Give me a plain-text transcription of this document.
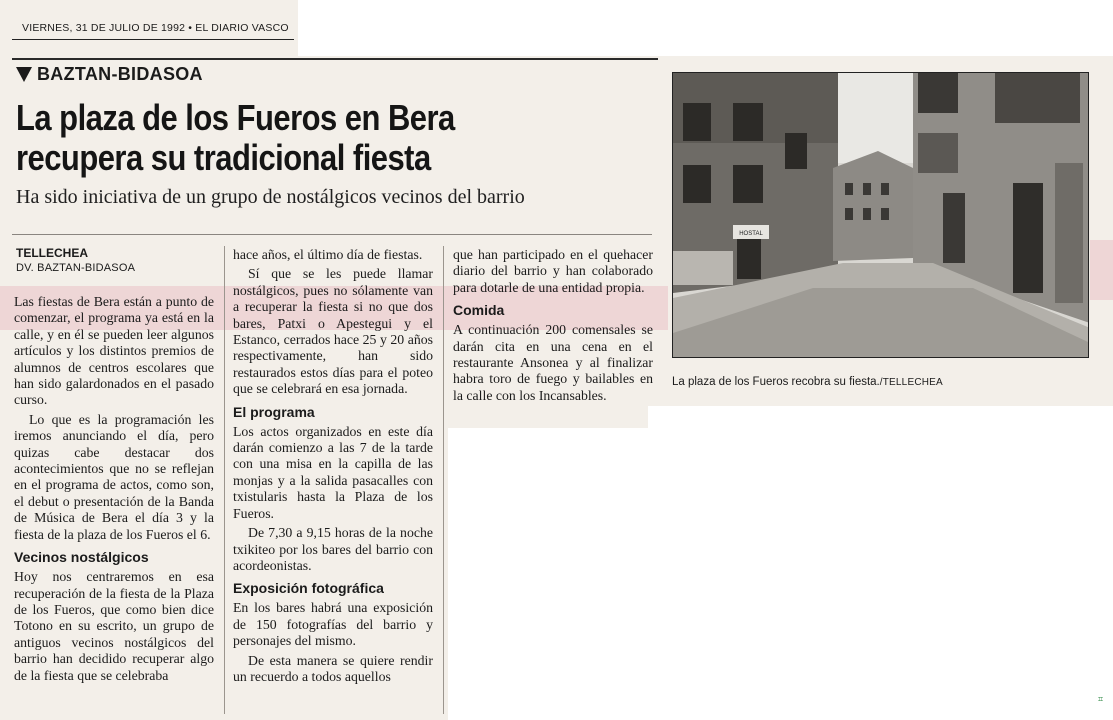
VIERNES, 31 DE JULIO DE 1992 • EL DIARIO VASCO
BAZTAN-BIDASOA
La plaza de los Fueros en Bera
recupera su tradicional fiesta
Ha sido iniciativa de un grupo de nostálgicos vecinos del barrio
TELLECHEA
DV. BAZTAN-BIDASOA

Las fiestas de Bera están a punto de comenzar, el programa ya está en la calle, y en él se pueden leer algunos artículos y los distintos premios de alumnos de centros escolares que han sido galardonados en el pasado curso.

Lo que es la programación les iremos anunciando el día, pero quizas cabe destacar dos acontecimientos que no se reflejan en el programa de actos, como son, el debut o presentación de la Banda de Música de Bera el día 3 y la fiesta de la plaza de los Fueros el 6.

Vecinos nostálgicos

Hoy nos centraremos en esa recuperación de la fiesta de la Plaza de los Fueros, que como bien dice Totono en su escrito, un grupo de antiguos vecinos nostálgicos del barrio han decidido recuperar algo de la fiesta que se celebraba

hace años, el último día de fiestas.

Sí que se les puede llamar nostálgicos, pues no sólamente van a recuperar la fiesta si no que dos bares, Patxi o Apestegui y el Estanco, cerrados hace 25 y 20 años respectivamente, han sido restaurados estos días para el poteo que se celebrará en esa jornada.

El programa

Los actos organizados en este día darán comienzo a las 7 de la tarde con una misa en la capilla de las monjas y a la salida pasacalles con txistularis hasta la Plaza de los Fueros.

De 7,30 a 9,15 horas de la noche txikiteo por los bares del barrio con acordeonistas.

Exposición fotográfica

En los bares habrá una exposición de 150 fotografías del barrio y personajes del mismo.

De esta manera se quiere rendir un recuerdo a todos aquellos

que han participado en el quehacer diario del barrio y han colaborado para dotarle de una entidad propia.

Comida

A continuación 200 comensales se darán cita en una cena en el restaurante Ansonea y al finalizar habra toro de fuego y bailables en la calle con los Incansables.

HOSTAL
La plaza de los Fueros recobra su fiesta./TELLECHEA
⌗
